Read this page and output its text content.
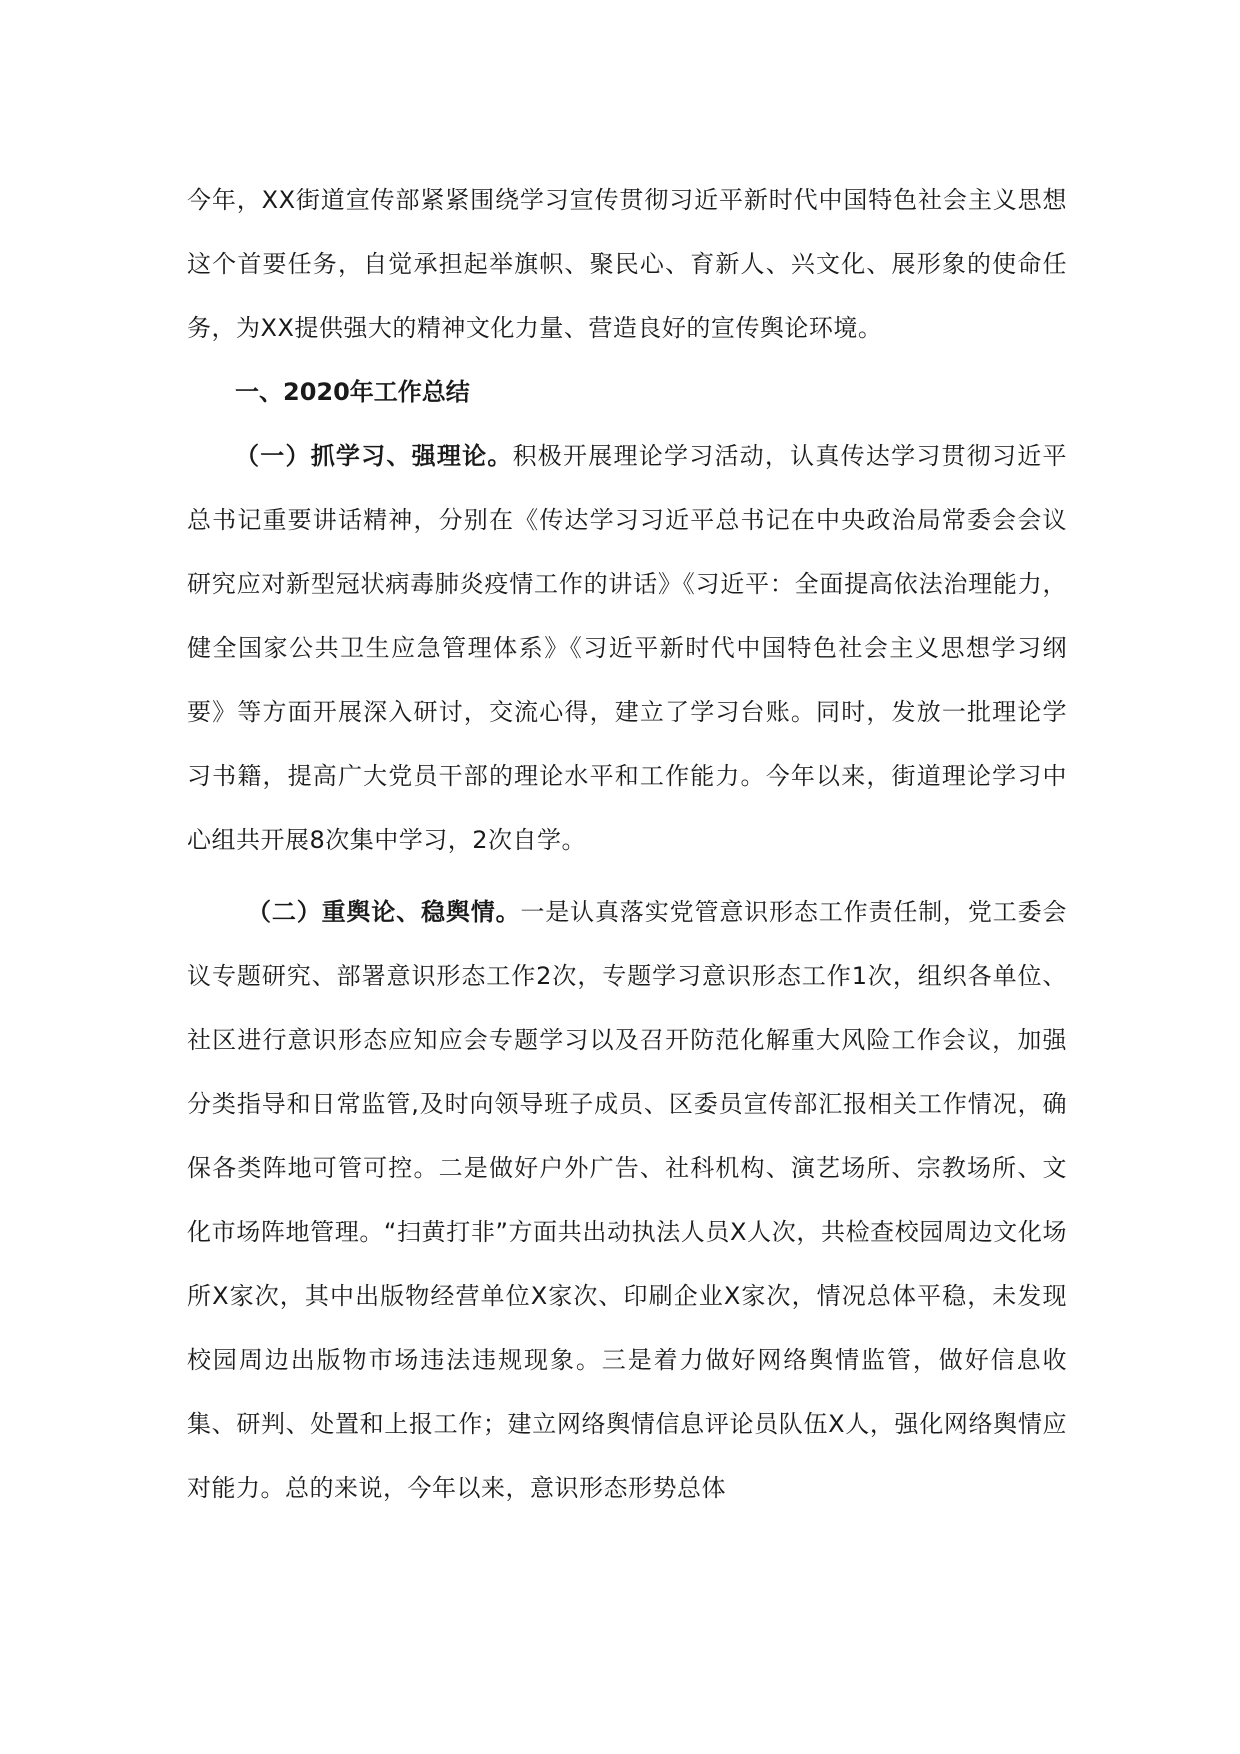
今年，XX街道宣传部紧紧围绕学习宣传贯彻习近平新时代中国特色社会主义思想这个首要任务，自觉承担起举旗帜、聚民心、育新人、兴文化、展形象的使命任务，为XX提供强大的精神文化力量、营造良好的宣传舆论环境。

一、2020年工作总结

（一）抓学习、强理论。积极开展理论学习活动，认真传达学习贯彻习近平总书记重要讲话精神，分别在《传达学习习近平总书记在中央政治局常委会会议研究应对新型冠状病毒肺炎疫情工作的讲话》《习近平：全面提高依法治理能力，健全国家公共卫生应急管理体系》《习近平新时代中国特色社会主义思想学习纲要》等方面开展深入研讨，交流心得，建立了学习台账。同时，发放一批理论学习书籍，提高广大党员干部的理论水平和工作能力。今年以来，街道理论学习中心组共开展8次集中学习，2次自学。

（二）重舆论、稳舆情。一是认真落实党管意识形态工作责任制，党工委会议专题研究、部署意识形态工作2次，专题学习意识形态工作1次，组织各单位、社区进行意识形态应知应会专题学习以及召开防范化解重大风险工作会议，加强分类指导和日常监管,及时向领导班子成员、区委员宣传部汇报相关工作情况，确保各类阵地可管可控。二是做好户外广告、社科机构、演艺场所、宗教场所、文化市场阵地管理。“扫黄打非”方面共出动执法人员X人次，共检查校园周边文化场所X家次，其中出版物经营单位X家次、印刷企业X家次，情况总体平稳，未发现校园周边出版物市场违法违规现象。三是着力做好网络舆情监管，做好信息收集、研判、处置和上报工作；建立网络舆情信息评论员队伍X人，强化网络舆情应对能力。总的来说，今年以来，意识形态形势总体
